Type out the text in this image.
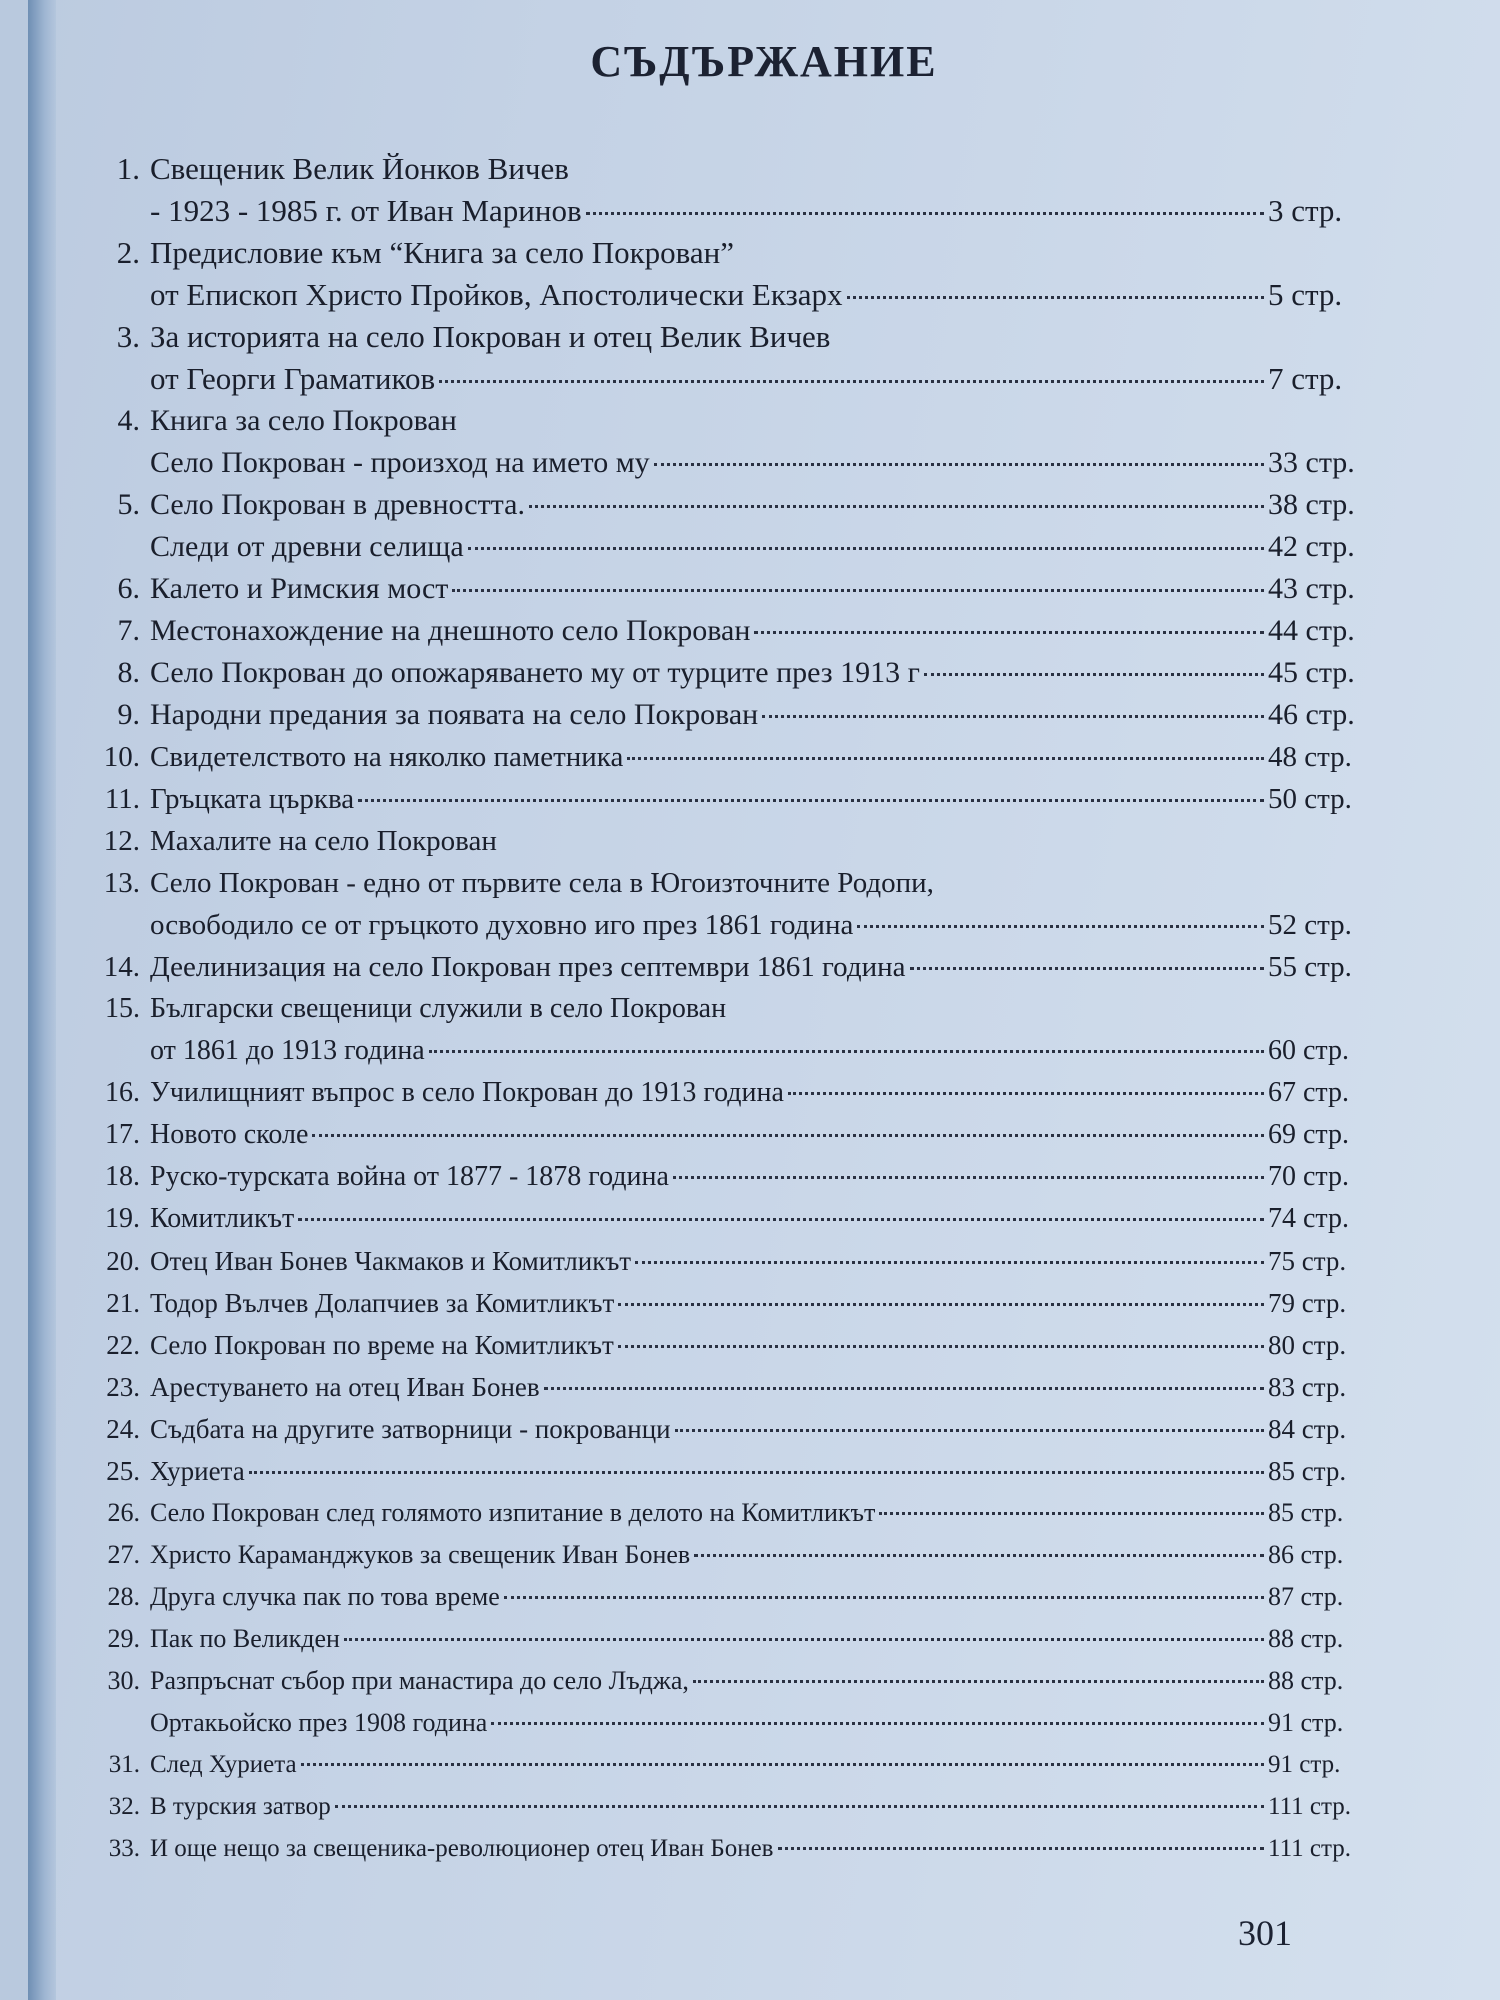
СЪДЪРЖАНИЕ
1. Свещеник Велик Йонков Вичев
- 1923 - 1985 г. от Иван Маринов	3 стр.
2. Предисловие към “Книга за село Покрован”
от Епископ Христо Пройков, Апостолически Екзарх	5 стр.
3. За историята на село Покрован и отец Велик Вичев
от Георги Граматиков	7 стр.
4. Книга за село Покрован
Село Покрован - произход на името му	33 стр.
5. Село Покрован в древността.	38 стр.
Следи от древни селища	42 стр.
6. Калето и Римския мост	43 стр.
7. Местонахождение на днешното село Покрован	44 стр.
8. Село Покрован до опожаряването му от турците през 1913 г	45 стр.
9. Народни предания за появата на село Покрован	46 стр.
10. Свидетелството на няколко паметника	48 стр.
11. Гръцката църква	50 стр.
12. Махалите на село Покрован
13. Село Покрован - едно от първите села в Югоизточните Родопи,
освободило се от гръцкото духовно иго през 1861 година	52 стр.
14. Деелинизация на село Покрован през септември 1861 година	55 стр.
15. Български свещеници служили в село Покрован
от 1861 до 1913 година	60 стр.
16. Училищният въпрос в село Покрован до 1913 година	67 стр.
17. Новото сколе	69 стр.
18. Руско-турската война от 1877 - 1878 година	70 стр.
19. Комитликът	74 стр.
20. Отец Иван Бонев Чакмаков и Комитликът	75 стр.
21. Тодор Вълчев Долапчиев за Комитликът	79 стр.
22. Село Покрован по време на Комитликът	80 стр.
23. Арестуването на отец Иван Бонев	83 стр.
24. Съдбата на другите затворници - покрованци	84 стр.
25. Хуриета	85 стр.
26. Село Покрован след голямото изпитание в делото на Комитликът	85 стр.
27. Христо Караманджуков за свещеник Иван Бонев	86 стр.
28. Друга случка пак по това време	87 стр.
29. Пак по Великден	88 стр.
30. Разпръснат събор при манастира до село Лъджа,	88 стр.
Ортакьойско през 1908 година	91 стр.
31. След Хуриета	91 стр.
32. В турския затвор	111 стр.
33. И още нещо за свещеника-революционер отец Иван Бонев	111 стр.
301
